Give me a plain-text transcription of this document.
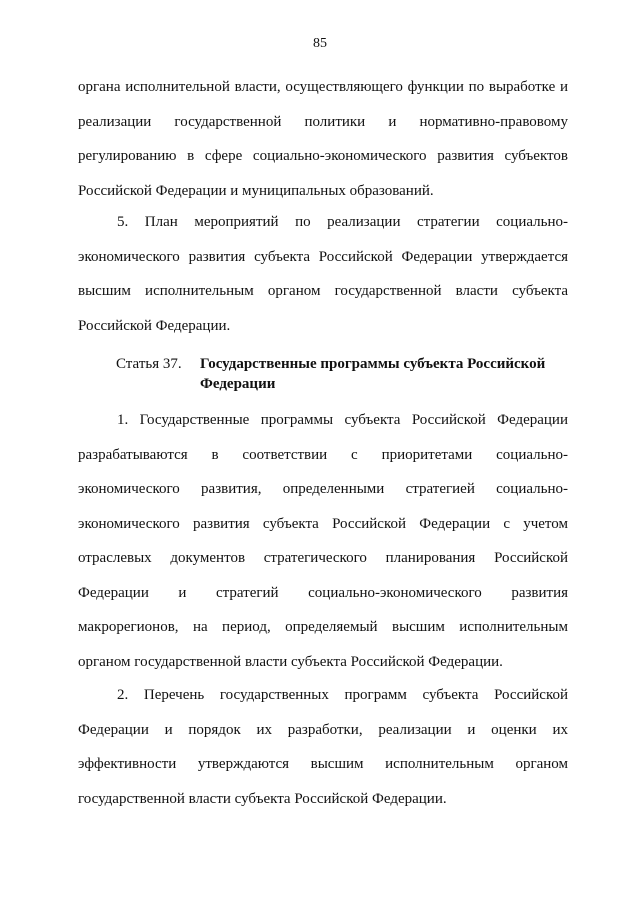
85

органа исполнительной власти, осуществляющего функции по выработке и реализации государственной политики и нормативно-правовому регулированию в сфере социально-экономического развития субъектов Российской Федерации и муниципальных образований.

5. План мероприятий по реализации стратегии социально-экономического развития субъекта Российской Федерации утверждается высшим исполнительным органом государственной власти субъекта Российской Федерации.

Статья 37.	Государственные программы субъекта Российской Федерации

1. Государственные программы субъекта Российской Федерации разрабатываются в соответствии с приоритетами социально-экономического развития, определенными стратегией социально-экономического развития субъекта Российской Федерации с учетом отраслевых документов стратегического планирования Российской Федерации и стратегий социально-экономического развития макрорегионов, на период, определяемый высшим исполнительным органом государственной власти субъекта Российской Федерации.

2. Перечень государственных программ субъекта Российской Федерации и порядок их разработки, реализации и оценки их эффективности утверждаются высшим исполнительным органом государственной власти субъекта Российской Федерации.
